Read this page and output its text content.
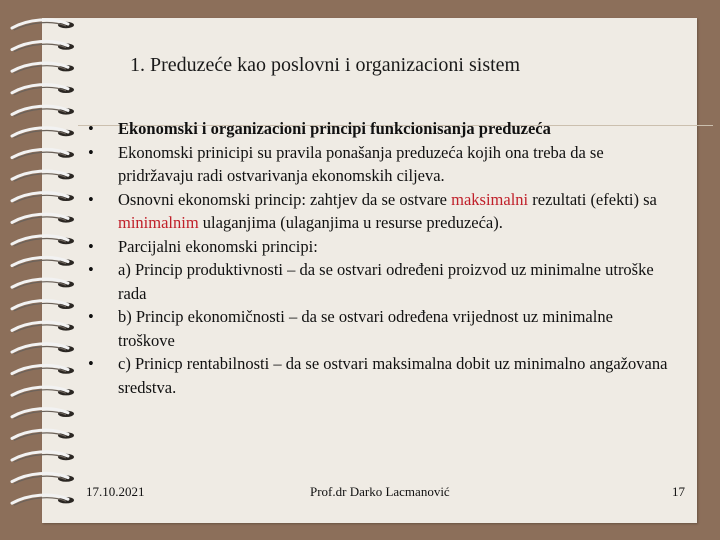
1. Preduzeće kao poslovni i organizacioni sistem
•	Ekonomski i organizacioni principi funkcionisanja preduzeća
•	Ekonomski prinicipi su pravila ponašanja preduzeća kojih ona treba da se pridržavaju radi ostvarivanja ekonomskih ciljeva.
•	Osnovni ekonomski princip: zahtjev da se ostvare maksimalni rezultati (efekti) sa minimalnim ulaganjima (ulaganjima u resurse preduzeća).
•	Parcijalni ekonomski principi:
•	a) Princip produktivnosti – da se ostvari određeni proizvod uz minimalne utroške rada
•	b) Princip ekonomičnosti – da se ostvari određena vrijednost uz minimalne troškove
•	c) Prinicp rentabilnosti – da se ostvari maksimalna dobit uz minimalno angažovana sredstva.
17.10.2021	Prof.dr Darko Lacmanović	17
